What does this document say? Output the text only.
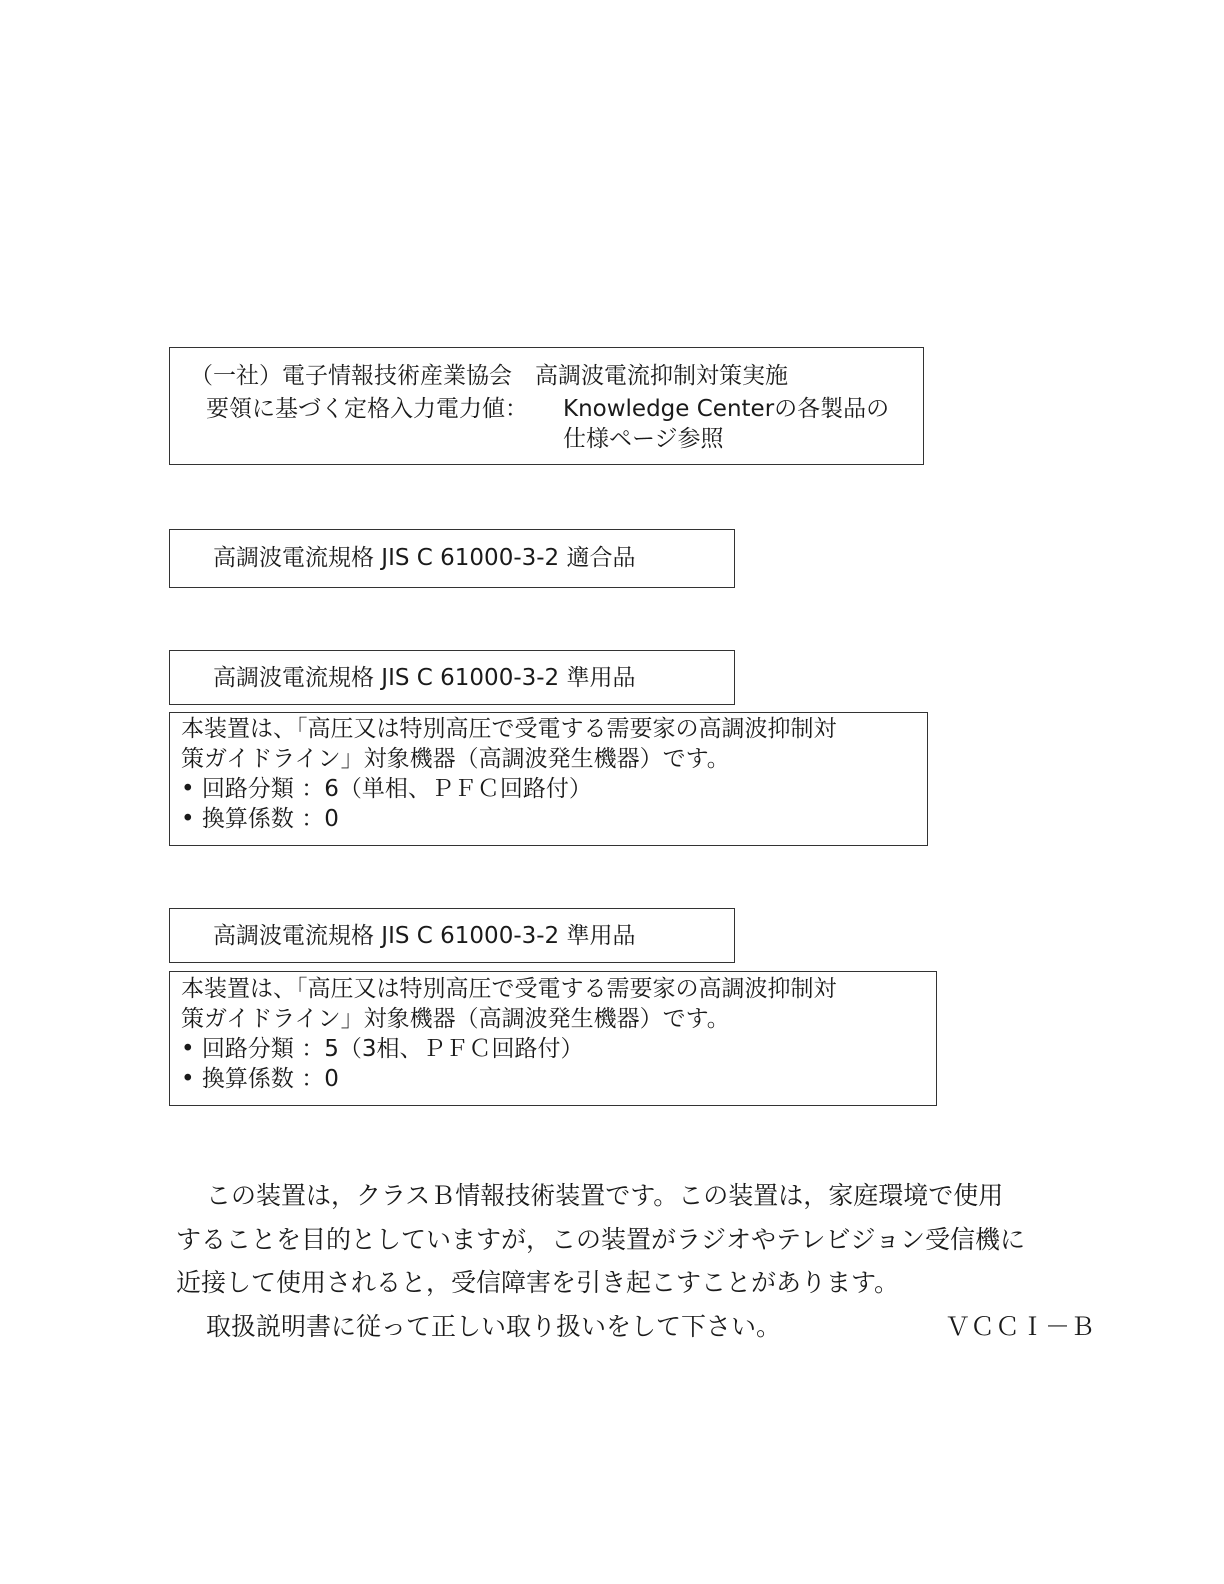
（一社）電子情報技術産業協会　高調波電流抑制対策実施
要領に基づく定格入力電力値： Knowledge Centerの各製品の
仕様ページ参照
高調波電流規格 JIS C 61000-3-2 適合品
高調波電流規格 JIS C 61000-3-2 準用品
本装置は、「高圧又は特別高圧で受電する需要家の高調波抑制対
策ガイドライン」対象機器（高調波発生機器）です。
• 回路分類 ：6（単相、ＰＦＣ回路付）
• 換算係数 ：0
高調波電流規格 JIS C 61000-3-2 準用品
本装置は、「高圧又は特別高圧で受電する需要家の高調波抑制対
策ガイドライン」対象機器（高調波発生機器）です。
• 回路分類 ：5（3相、ＰＦＣ回路付）
• 換算係数 ：0
この装置は，クラスＢ情報技術装置です。この装置は，家庭環境で使用
することを目的としていますが，この装置がラジオやテレビジョン受信機に
近接して使用されると，受信障害を引き起こすことがあります。
取扱説明書に従って正しい取り扱いをして下さい。	ＶＣＣＩ－Ｂ
